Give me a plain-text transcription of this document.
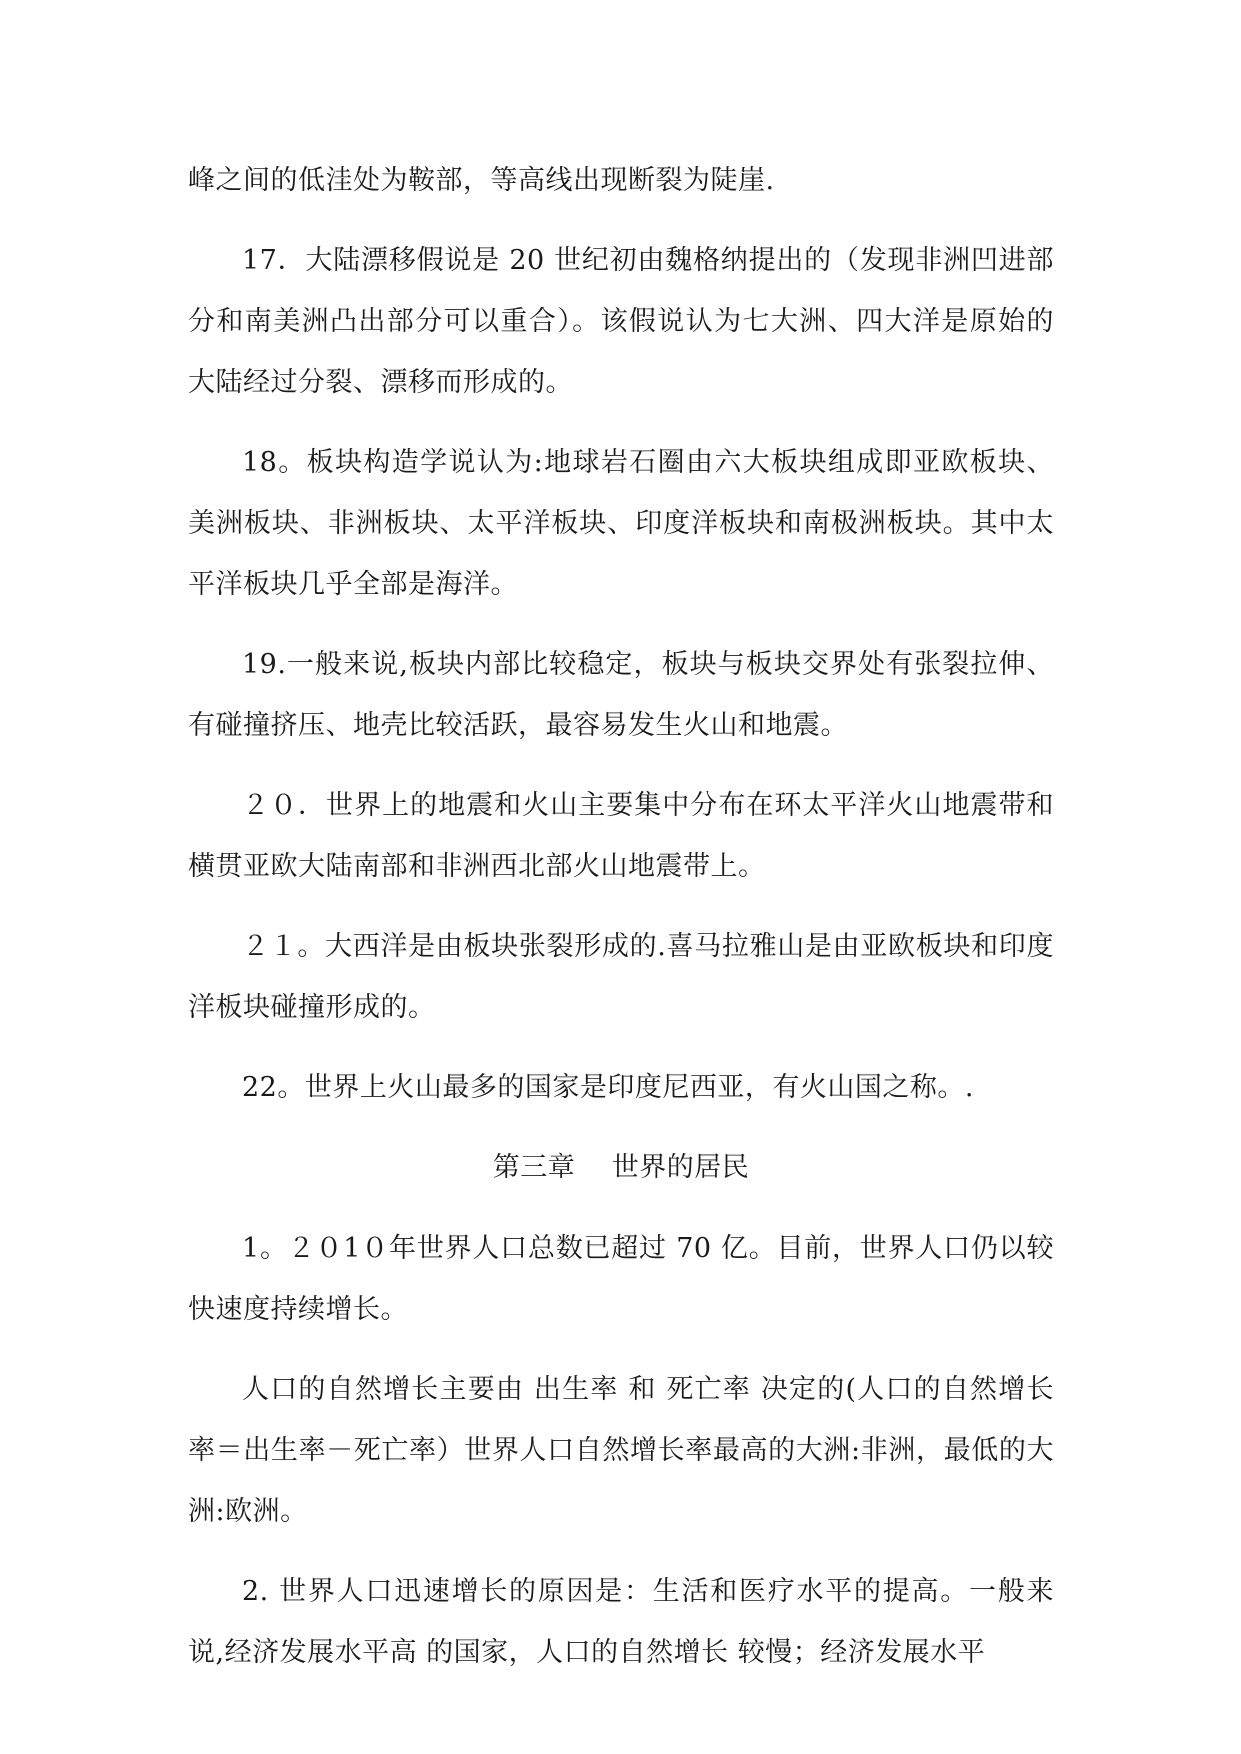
峰之间的低洼处为鞍部，等高线出现断裂为陡崖.

17．大陆漂移假说是 20 世纪初由魏格纳提出的（发现非洲凹进部分和南美洲凸出部分可以重合）。该假说认为七大洲、四大洋是原始的大陆经过分裂、漂移而形成的。

18。板块构造学说认为:地球岩石圈由六大板块组成即亚欧板块、美洲板块、非洲板块、太平洋板块、印度洋板块和南极洲板块。其中太平洋板块几乎全部是海洋。

19.一般来说,板块内部比较稳定，板块与板块交界处有张裂拉伸、有碰撞挤压、地壳比较活跃，最容易发生火山和地震。

２０．世界上的地震和火山主要集中分布在环太平洋火山地震带和横贯亚欧大陆南部和非洲西北部火山地震带上。

２１。大西洋是由板块张裂形成的.喜马拉雅山是由亚欧板块和印度洋板块碰撞形成的。

22。世界上火山最多的国家是印度尼西亚，有火山国之称。.

第三章　 世界的居民

1。２０1０年世界人口总数已超过 70 亿。目前，世界人口仍以较快速度持续增长。

人口的自然增长主要由 出生率 和 死亡率 决定的(人口的自然增长率＝出生率－死亡率）世界人口自然增长率最高的大洲:非洲，最低的大洲:欧洲。

2. 世界人口迅速增长的原因是：生活和医疗水平的提高。一般来说,经济发展水平高 的国家，人口的自然增长 较慢；经济发展水平
